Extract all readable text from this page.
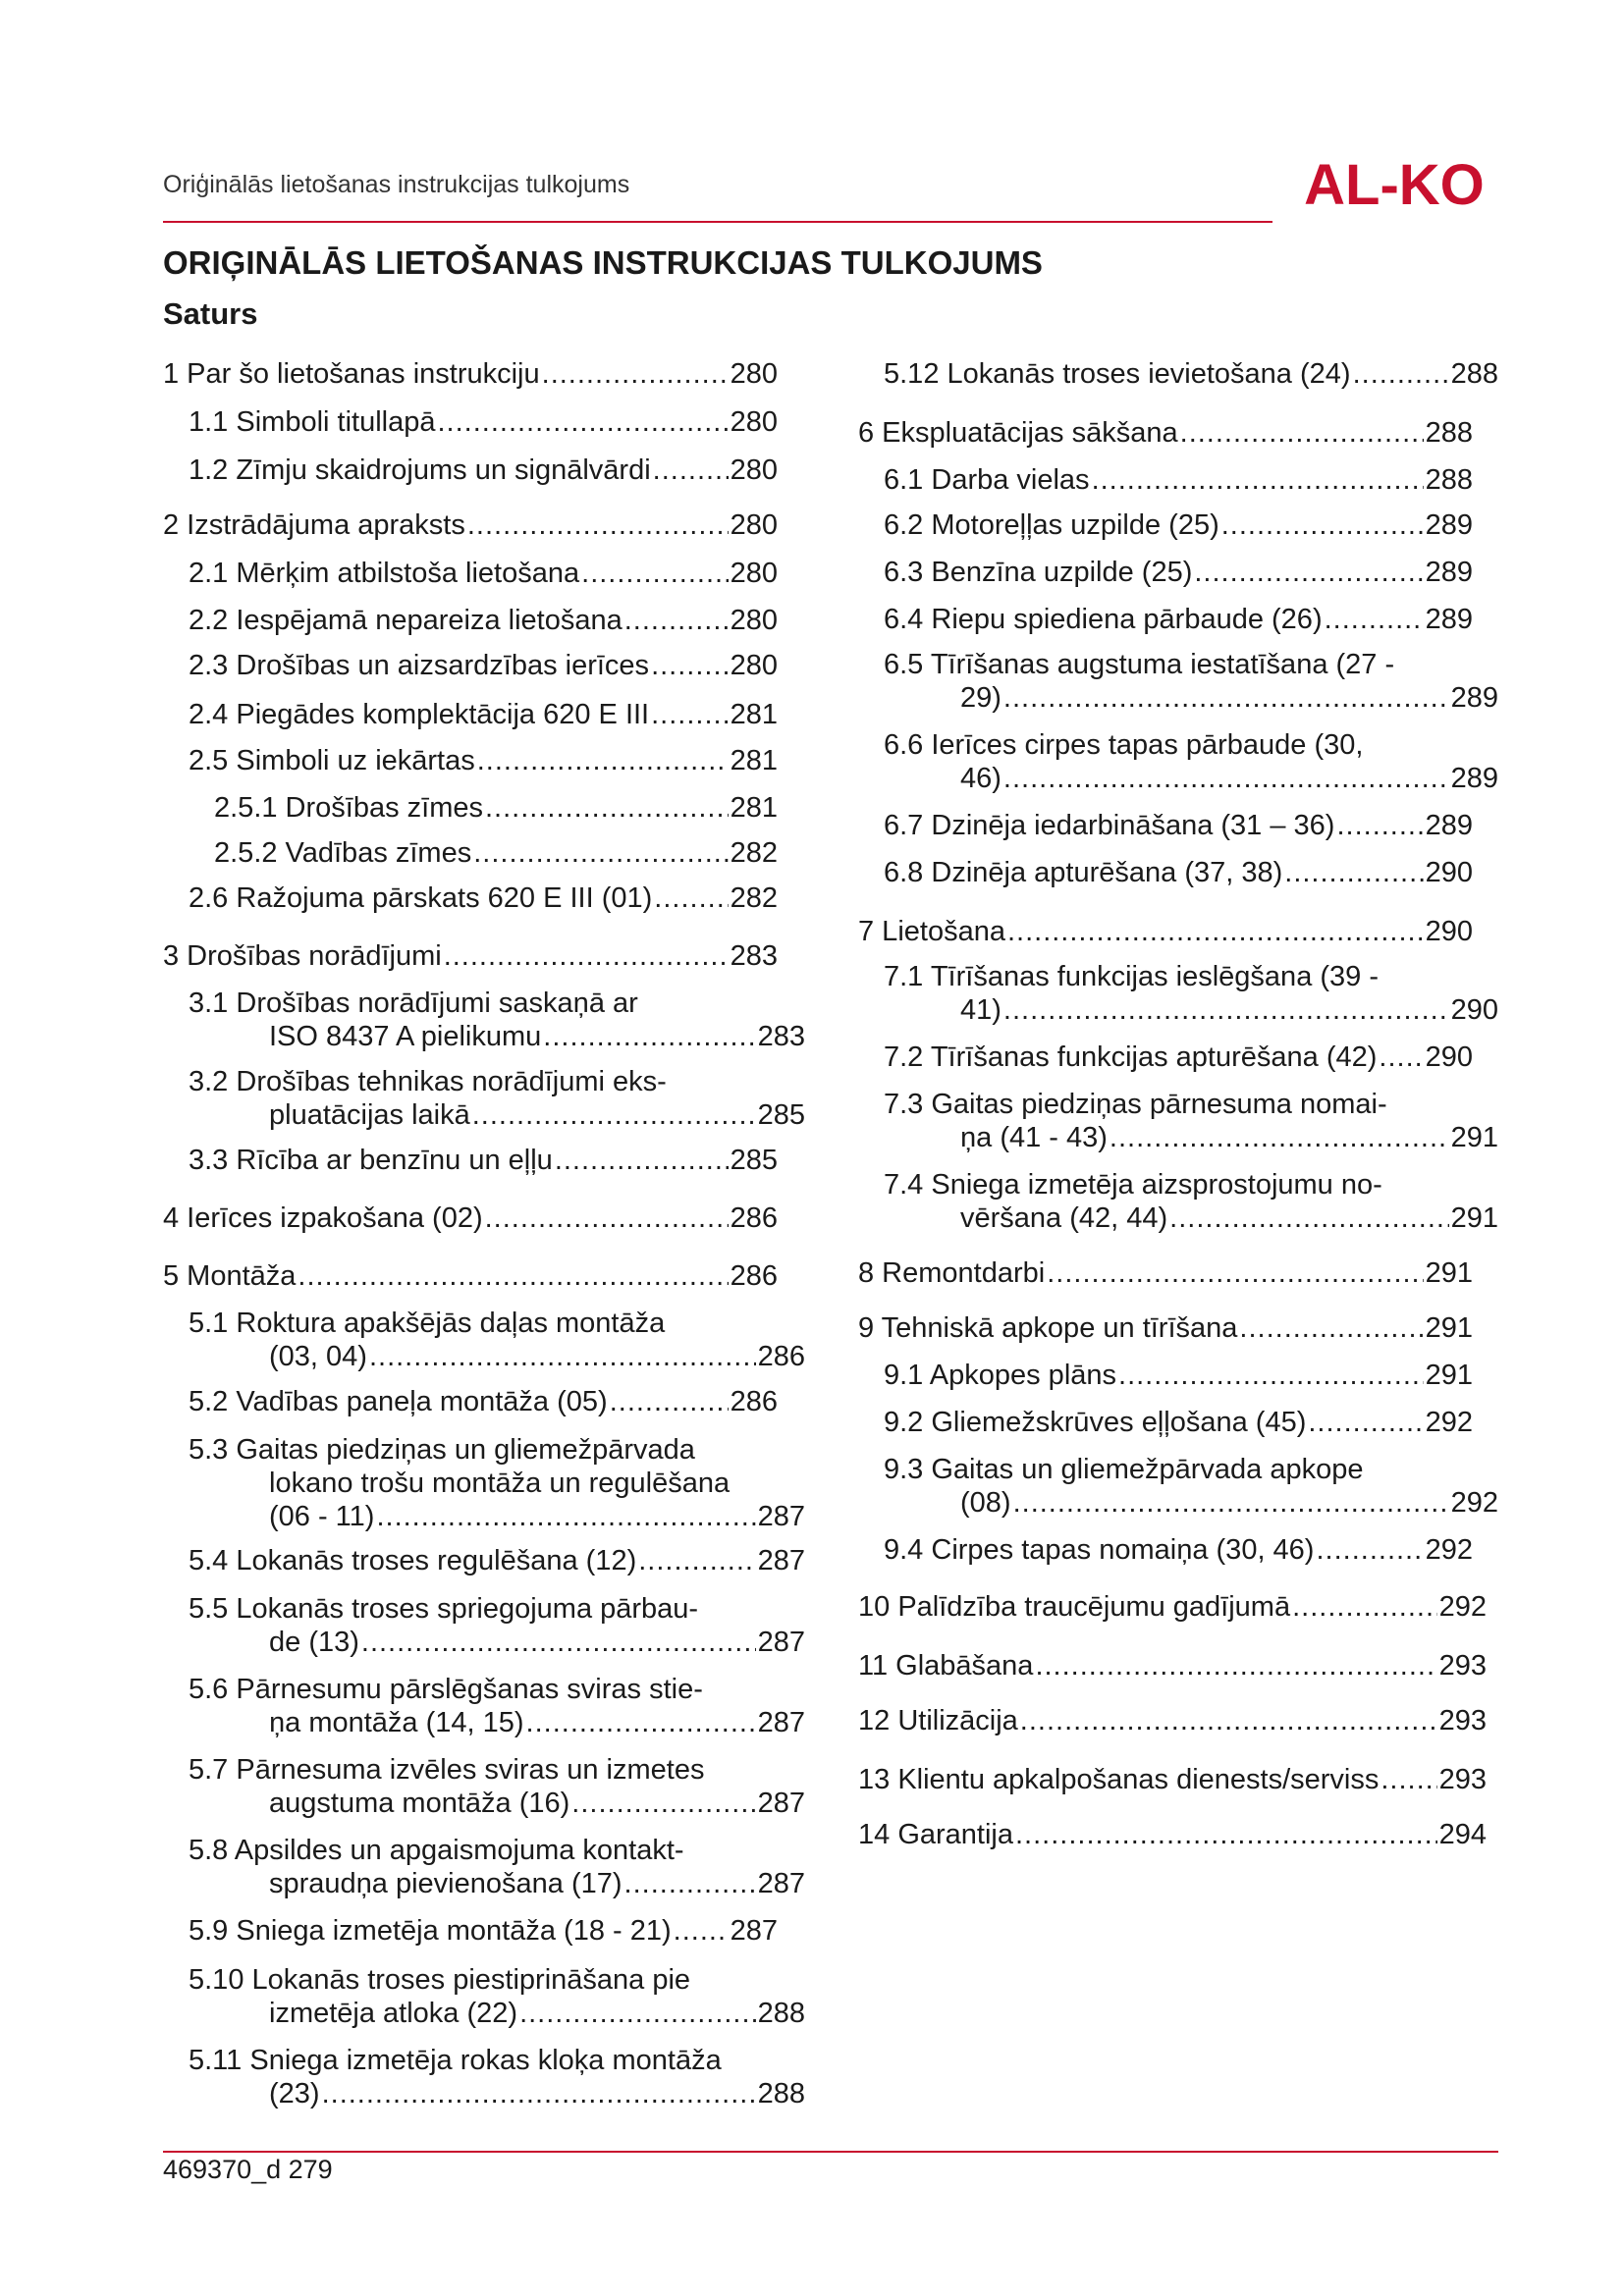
Oriģinālās lietošanas instrukcijas tulkojums	AL-KO
ORIĢINĀLĀS LIETOŠANAS INSTRUKCIJAS TULKOJUMS
Saturs
1 Par šo lietošanas instrukciju .....	280
1.1 Simboli titullapā .....	280
1.2 Zīmju skaidrojums un signālvārdi .....	280
2 Izstrādājuma apraksts .....	280
2.1 Mērķim atbilstoša lietošana .....	280
2.2 Iespējamā nepareiza lietošana .....	280
2.3 Drošības un aizsardzības ierīces .....	280
2.4 Piegādes komplektācija 620 E III .....	281
2.5 Simboli uz iekārtas .....	281
2.5.1 Drošības zīmes .....	281
2.5.2 Vadības zīmes .....	282
2.6 Ražojuma pārskats 620 E III (01) .....	282
3 Drošības norādījumi .....	283
3.1 Drošības norādījumi saskaņā ar
ISO 8437 A pielikumu .....	283
3.2 Drošības tehnikas norādījumi eks-
pluatācijas laikā .....	285
3.3 Rīcība ar benzīnu un eļļu .....	285
4 Ierīces izpakošana (02) .....	286
5 Montāža .....	286
5.1 Roktura apakšējās daļas montāža
(03, 04) .....	286
5.2 Vadības paneļa montāža (05) .....	286
5.3 Gaitas piedziņas un gliemežpārvada
lokano trošu montāža un regulēšana
(06 - 11) .....	287
5.4 Lokanās troses regulēšana (12) .....	287
5.5 Lokanās troses spriegojuma pārbau-
de (13) .....	287
5.6 Pārnesumu pārslēgšanas sviras stie-
ņa montāža (14, 15) .....	287
5.7 Pārnesuma izvēles sviras un izmetes
augstuma montāža (16) .....	287
5.8 Apsildes un apgaismojuma kontakt-
spraudņa pievienošana (17) .....	287
5.9 Sniega izmetēja montāža (18 - 21) ..... 287
5.10 Lokanās troses piestiprināšana pie
izmetēja atloka (22) .....	288
5.11 Sniega izmetēja rokas kloķa montāža
(23) .....	288
5.12 Lokanās troses ievietošana (24) .....	288
6 Ekspluatācijas sākšana .....	288
6.1 Darba vielas .....	288
6.2 Motoreļļas uzpilde (25) .....	289
6.3 Benzīna uzpilde (25) .....	289
6.4 Riepu spiediena pārbaude (26) .....	289
6.5 Tīrīšanas augstuma iestatīšana (27 -
29) .....	289
6.6 Ierīces cirpes tapas pārbaude (30,
46) .....	289
6.7 Dzinēja iedarbināšana (31 – 36) .....	289
6.8 Dzinēja apturēšana (37, 38) .....	290
7 Lietošana .....	290
7.1 Tīrīšanas funkcijas ieslēgšana (39 -
41) .....	290
7.2 Tīrīšanas funkcijas apturēšana (42) ..... 290
7.3 Gaitas piedziņas pārnesuma nomai-
ņa (41 - 43) .....	291
7.4 Sniega izmetēja aizsprostojumu no-
vēršana (42, 44) .....	291
8 Remontdarbi .....	291
9 Tehniskā apkope un tīrīšana .....	291
9.1 Apkopes plāns .....	291
9.2 Gliemežskrūves eļļošana (45) .....	292
9.3 Gaitas un gliemežpārvada apkope
(08) .....	292
9.4 Cirpes tapas nomaiņa (30, 46) .....	292
10 Palīdzība traucējumu gadījumā .....	292
11 Glabāšana .....	293
12 Utilizācija .....	293
13 Klientu apkalpošanas dienests/serviss ..... 293
14 Garantija .....	294
469370_d 279
